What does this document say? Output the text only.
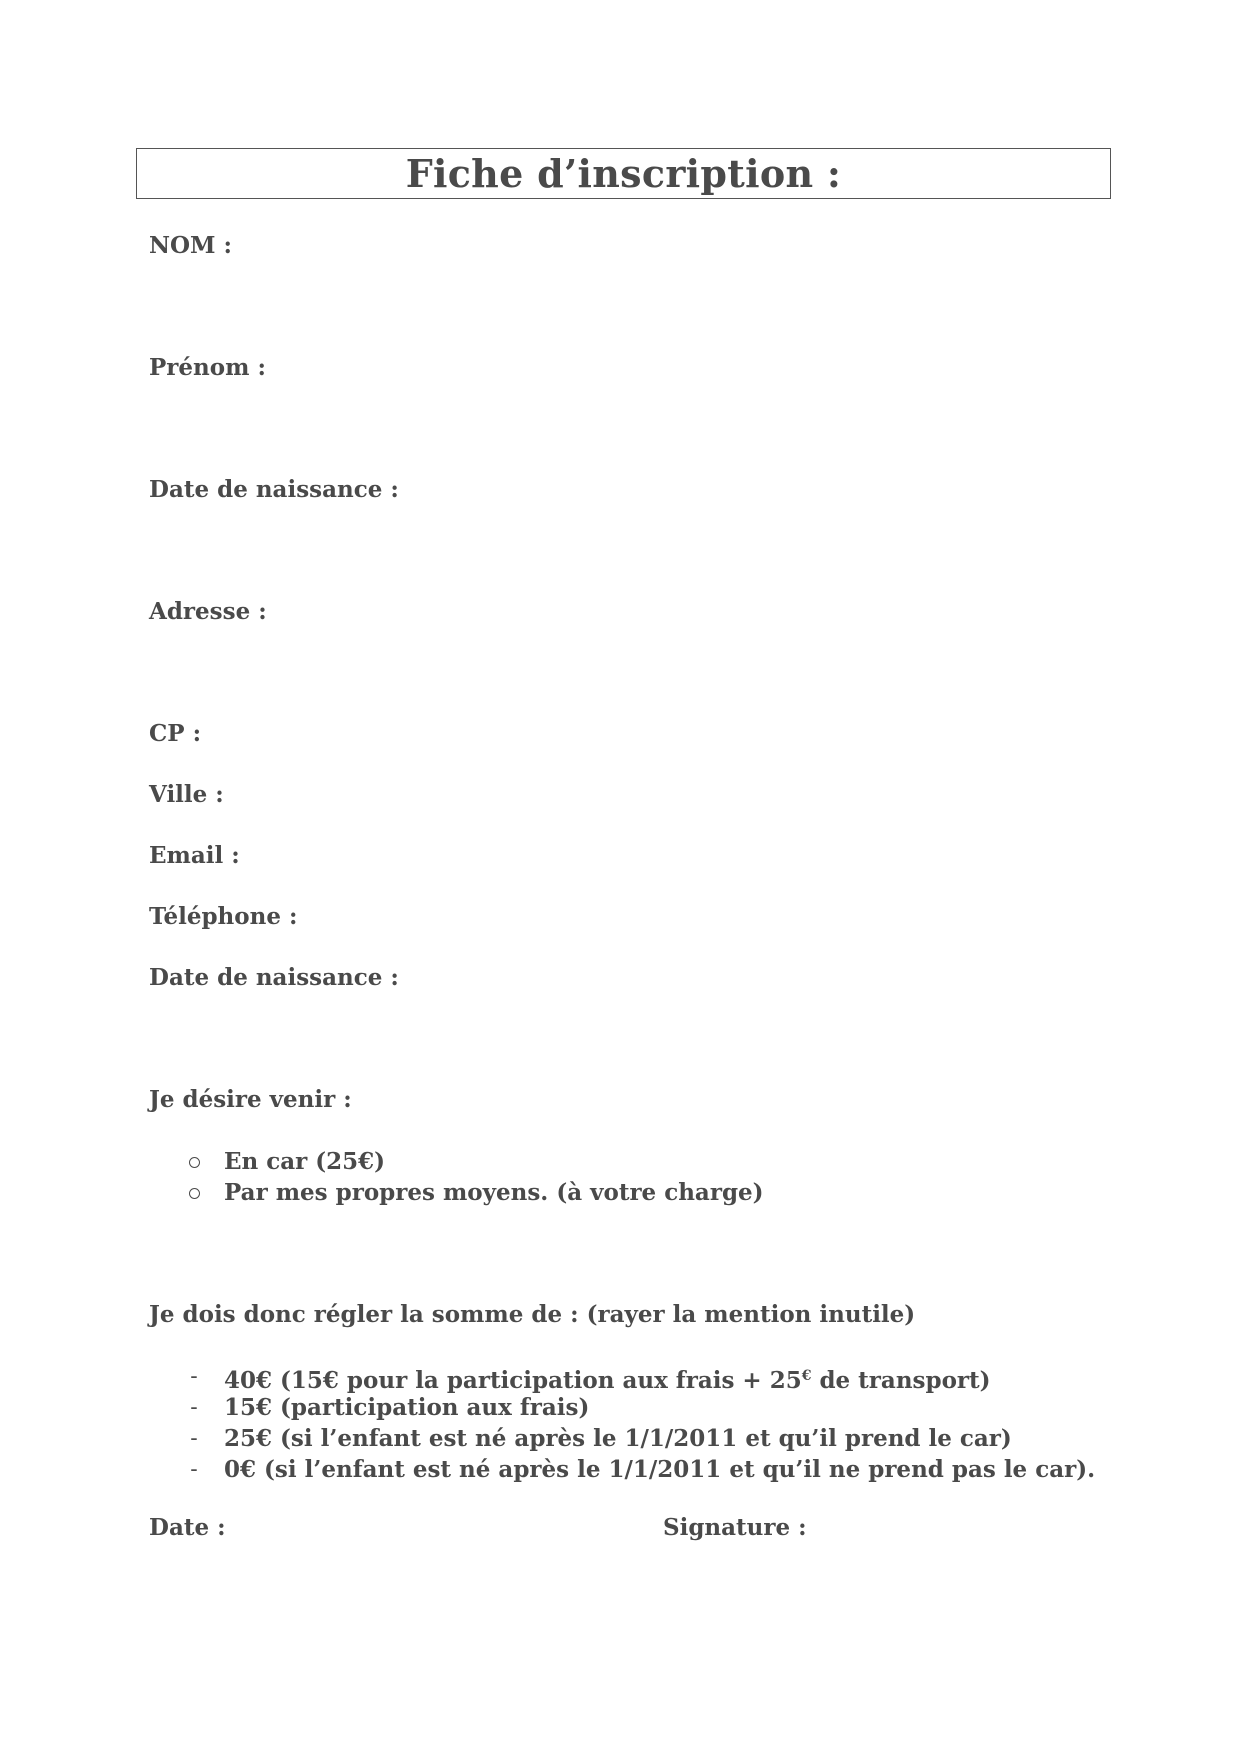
Fiche d’inscription :
NOM :
Prénom :
Date de naissance :
Adresse :
CP :
Ville :
Email :
Téléphone :
Date de naissance :
Je désire venir :
En car (25€)
Par mes propres moyens. (à votre charge)
Je dois donc régler la somme de : (rayer la mention inutile)
- 40€ (15€ pour la participation aux frais + 25€ de transport)
- 15€ (participation aux frais)
- 25€ (si l’enfant est né après le 1/1/2011 et qu’il prend le car)
- 0€ (si l’enfant est né après le 1/1/2011 et qu’il ne prend pas le car).
Date :	Signature :
